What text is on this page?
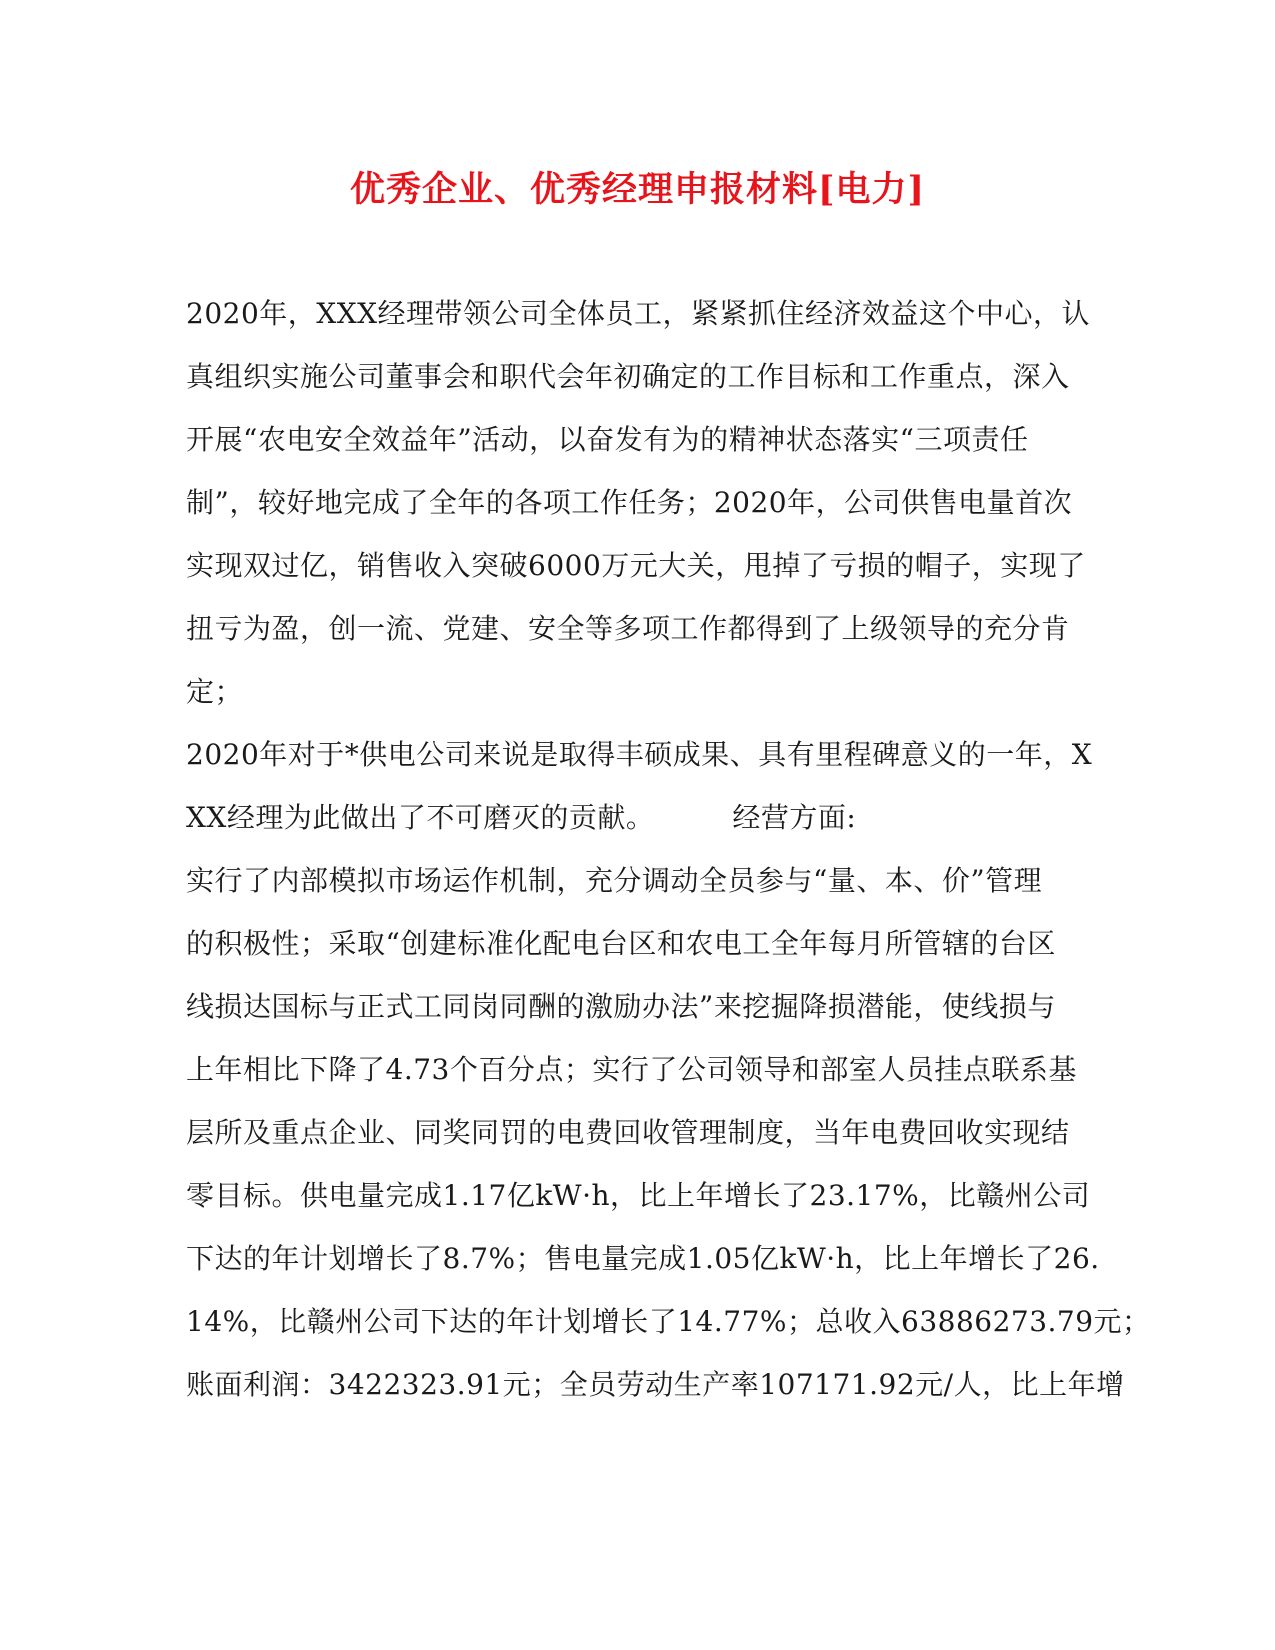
优秀企业、优秀经理申报材料[电力]
2020年，XXX经理带领公司全体员工，紧紧抓住经济效益这个中心，认
真组织实施公司董事会和职代会年初确定的工作目标和工作重点，深入
开展“农电安全效益年”活动，以奋发有为的精神状态落实“三项责任
制”，较好地完成了全年的各项工作任务；2020年，公司供售电量首次
实现双过亿，销售收入突破6000万元大关，甩掉了亏损的帽子，实现了
扭亏为盈，创一流、党建、安全等多项工作都得到了上级领导的充分肯
定；
2020年对于*供电公司来说是取得丰硕成果、具有里程碑意义的一年，X
XX经理为此做出了不可磨灭的贡献。	经营方面:
实行了内部模拟市场运作机制，充分调动全员参与“量、本、价”管理
的积极性；采取“创建标准化配电台区和农电工全年每月所管辖的台区
线损达国标与正式工同岗同酬的激励办法”来挖掘降损潜能，使线损与
上年相比下降了4.73个百分点；实行了公司领导和部室人员挂点联系基
层所及重点企业、同奖同罚的电费回收管理制度，当年电费回收实现结
零目标。供电量完成1.17亿kW·h，比上年增长了23.17%，比赣州公司
下达的年计划增长了8.7%；售电量完成1.05亿kW·h，比上年增长了26.
14%，比赣州公司下达的年计划增长了14.77%；总收入63886273.79元；
账面利润：3422323.91元；全员劳动生产率107171.92元/人，比上年增
